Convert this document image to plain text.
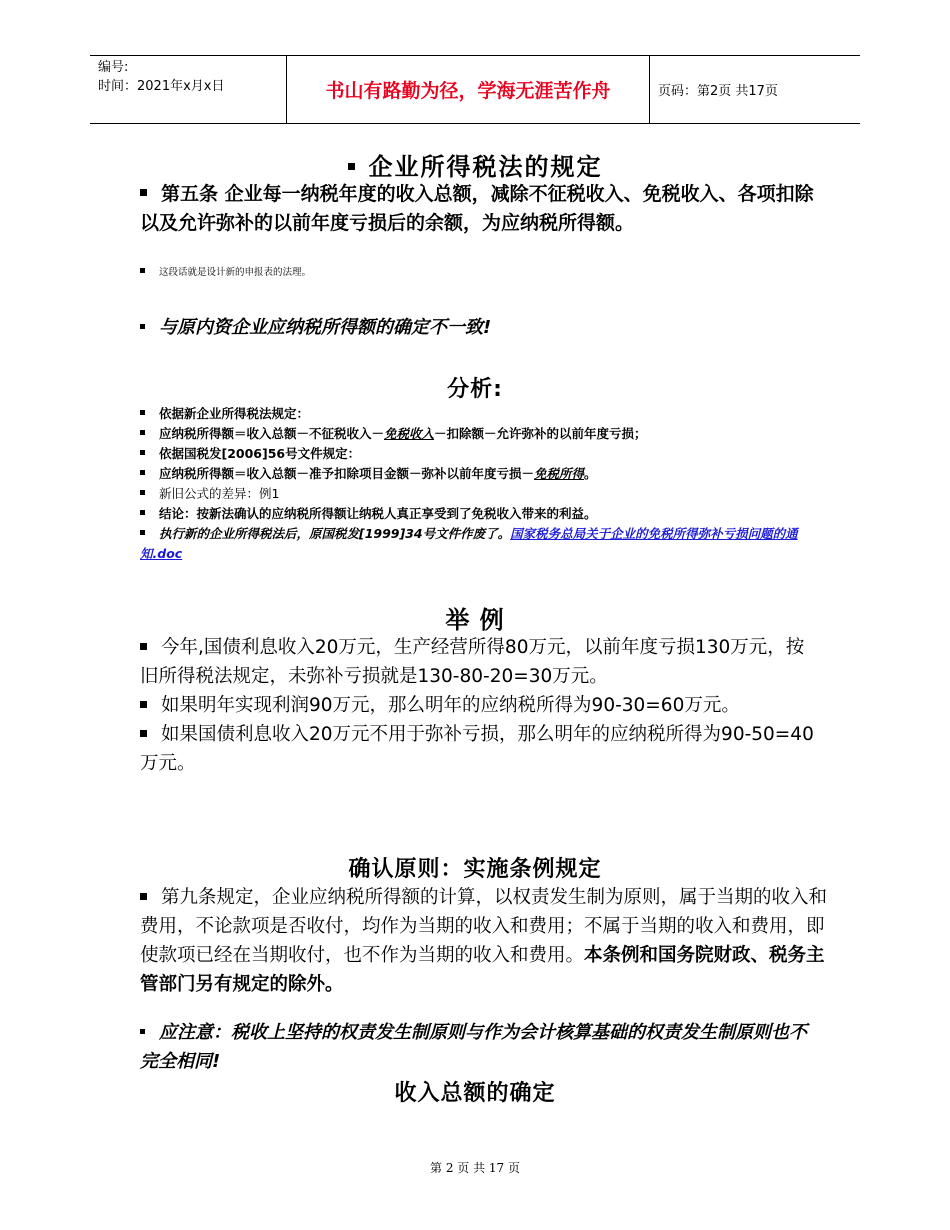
编号:
时间：2021年x月x日	书山有路勤为径，学海无涯苦作舟	页码：第2页 共17页
企业所得税法的规定
第五条 企业每一纳税年度的收入总额，减除不征税收入、免税收入、各项扣除以及允许弥补的以前年度亏损后的余额，为应纳税所得额。
这段话就是设计新的申报表的法理。
与原内资企业应纳税所得额的确定不一致!
分析:
依据新企业所得税法规定：
应纳税所得额＝收入总额－不征税收入－免税收入－扣除额－允许弥补的以前年度亏损；
依据国税发[2006]56号文件规定：
应纳税所得额＝收入总额－准予扣除项目金额－弥补以前年度亏损－免税所得。
新旧公式的差异：例1
结论：按新法确认的应纳税所得额让纳税人真正享受到了免税收入带来的利益。
执行新的企业所得税法后，原国税发[1999]34号文件作废了。国家税务总局关于企业的免税所得弥补亏损问题的通知.doc
举 例
今年,国债利息收入20万元，生产经营所得80万元，以前年度亏损130万元，按旧所得税法规定，未弥补亏损就是130-80-20=30万元。
如果明年实现利润90万元，那么明年的应纳税所得为90-30=60万元。
如果国债利息收入20万元不用于弥补亏损，那么明年的应纳税所得为90-50=40万元。
确认原则：实施条例规定
第九条规定，企业应纳税所得额的计算，以权责发生制为原则，属于当期的收入和费用，不论款项是否收付，均作为当期的收入和费用；不属于当期的收入和费用，即使款项已经在当期收付，也不作为当期的收入和费用。本条例和国务院财政、税务主管部门另有规定的除外。
应注意：税收上坚持的权责发生制原则与作为会计核算基础的权责发生制原则也不完全相同!
收入总额的确定
第 2 页 共 17 页
